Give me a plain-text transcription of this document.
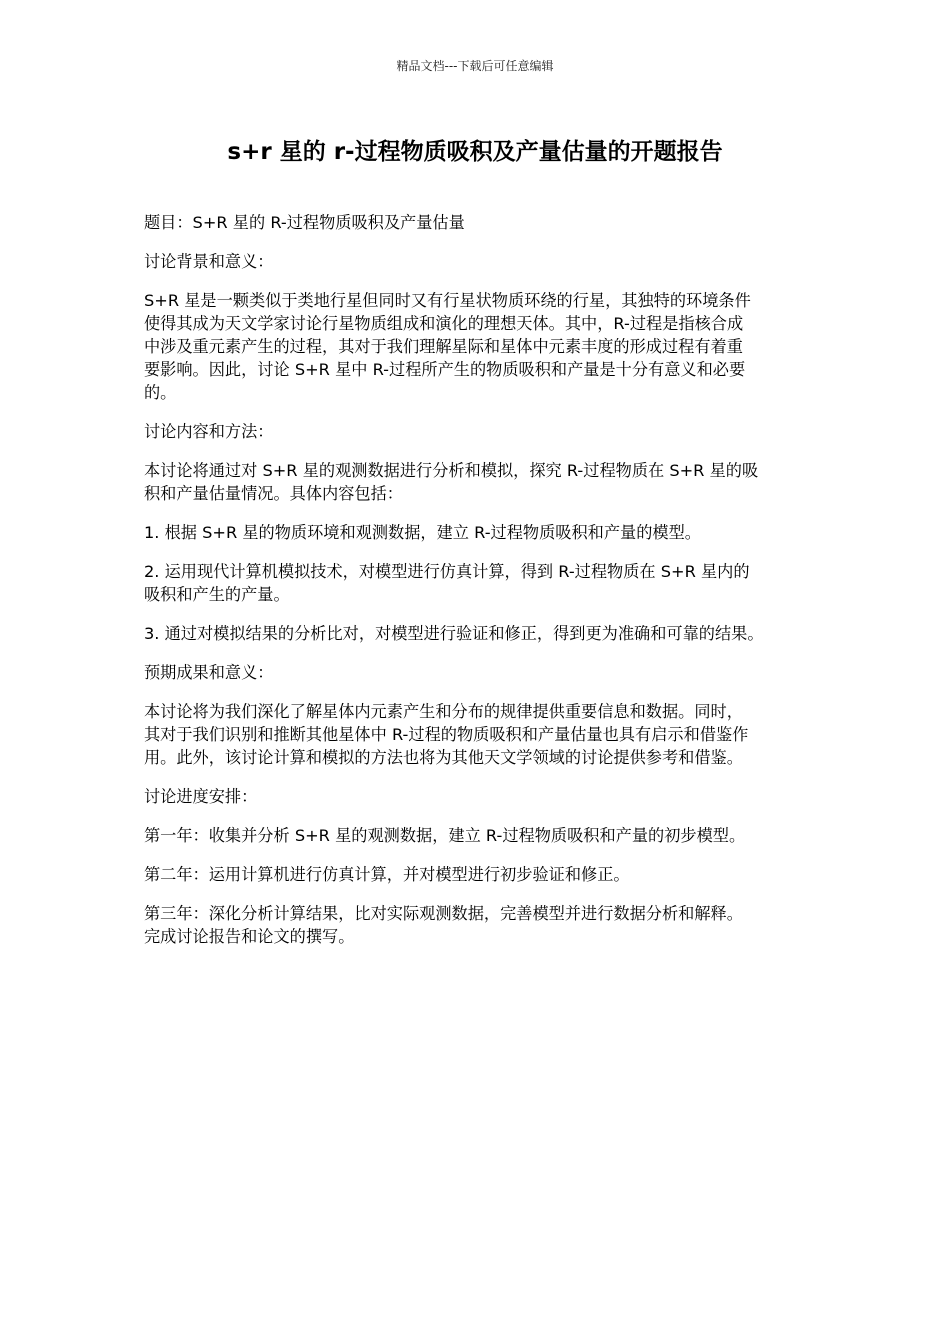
精品文档---下载后可任意编辑
s+r 星的 r-过程物质吸积及产量估量的开题报告

题目：S+R 星的 R-过程物质吸积及产量估量

讨论背景和意义：

S+R 星是一颗类似于类地行星但同时又有行星状物质环绕的行星，其独特的环境条件
使得其成为天文学家讨论行星物质组成和演化的理想天体。其中，R-过程是指核合成
中涉及重元素产生的过程，其对于我们理解星际和星体中元素丰度的形成过程有着重
要影响。因此，讨论 S+R 星中 R-过程所产生的物质吸积和产量是十分有意义和必要
的。

讨论内容和方法：

本讨论将通过对 S+R 星的观测数据进行分析和模拟，探究 R-过程物质在 S+R 星的吸
积和产量估量情况。具体内容包括：

1. 根据 S+R 星的物质环境和观测数据，建立 R-过程物质吸积和产量的模型。

2. 运用现代计算机模拟技术，对模型进行仿真计算，得到 R-过程物质在 S+R 星内的
吸积和产生的产量。

3. 通过对模拟结果的分析比对，对模型进行验证和修正，得到更为准确和可靠的结果。

预期成果和意义：

本讨论将为我们深化了解星体内元素产生和分布的规律提供重要信息和数据。同时，
其对于我们识别和推断其他星体中 R-过程的物质吸积和产量估量也具有启示和借鉴作
用。此外，该讨论计算和模拟的方法也将为其他天文学领域的讨论提供参考和借鉴。

讨论进度安排：

第一年：收集并分析 S+R 星的观测数据，建立 R-过程物质吸积和产量的初步模型。

第二年：运用计算机进行仿真计算，并对模型进行初步验证和修正。

第三年：深化分析计算结果，比对实际观测数据，完善模型并进行数据分析和解释。
完成讨论报告和论文的撰写。
